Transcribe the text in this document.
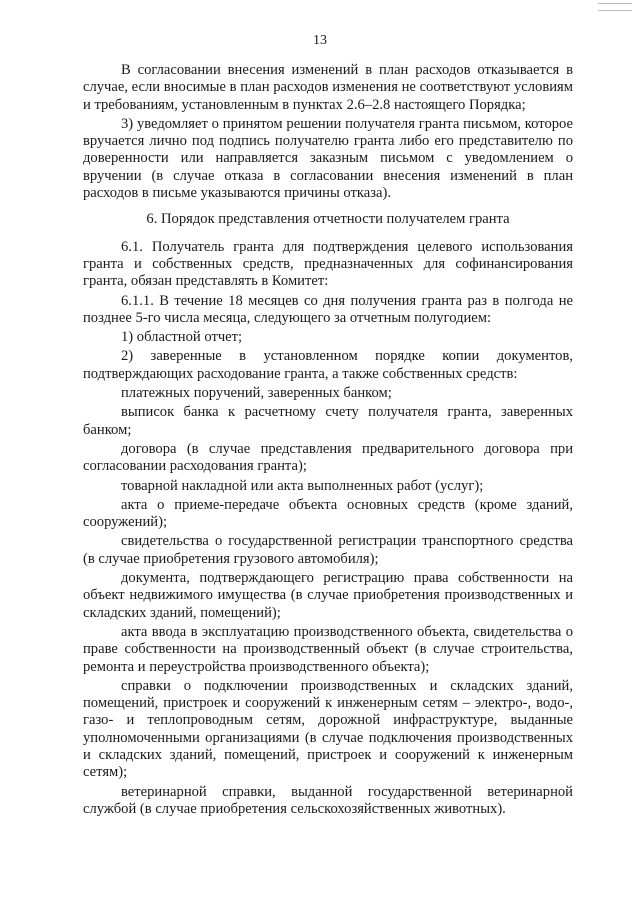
13

В согласовании внесения изменений в план расходов отказывается в случае, если вносимые в план расходов изменения не соответствуют условиям и требованиям, установленным в пунктах 2.6–2.8 настоящего Порядка;

3) уведомляет о принятом решении получателя гранта письмом, которое вручается лично под подпись получателю гранта либо его представителю по доверенности или направляется заказным письмом с уведомлением о вручении (в случае отказа в согласовании внесения изменений в план расходов в письме указываются причины отказа).

6. Порядок представления отчетности получателем гранта

6.1. Получатель гранта для подтверждения целевого использования гранта и собственных средств, предназначенных для софинансирования гранта, обязан представлять в Комитет:

6.1.1. В течение 18 месяцев со дня получения гранта раз в полгода не позднее 5-го числа месяца, следующего за отчетным полугодием:

1) областной отчет;

2) заверенные в установленном порядке копии документов, подтверждающих расходование гранта, а также собственных средств:

платежных поручений, заверенных банком;

выписок банка к расчетному счету получателя гранта, заверенных банком;

договора (в случае представления предварительного договора при согласовании расходования гранта);

товарной накладной или акта выполненных работ (услуг);

акта о приеме-передаче объекта основных средств (кроме зданий, сооружений);

свидетельства о государственной регистрации транспортного средства (в случае приобретения грузового автомобиля);

документа, подтверждающего регистрацию права собственности на объект недвижимого имущества (в случае приобретения производственных и складских зданий, помещений);

акта ввода в эксплуатацию производственного объекта, свидетельства о праве собственности на производственный объект (в случае строительства, ремонта и переустройства производственного объекта);

справки о подключении производственных и складских зданий, помещений, пристроек и сооружений к инженерным сетям – электро-, водо-, газо- и теплопроводным сетям, дорожной инфраструктуре, выданные уполномоченными организациями (в случае подключения производственных и складских зданий, помещений, пристроек и сооружений к инженерным сетям);

ветеринарной справки, выданной государственной ветеринарной службой (в случае приобретения сельскохозяйственных животных).
